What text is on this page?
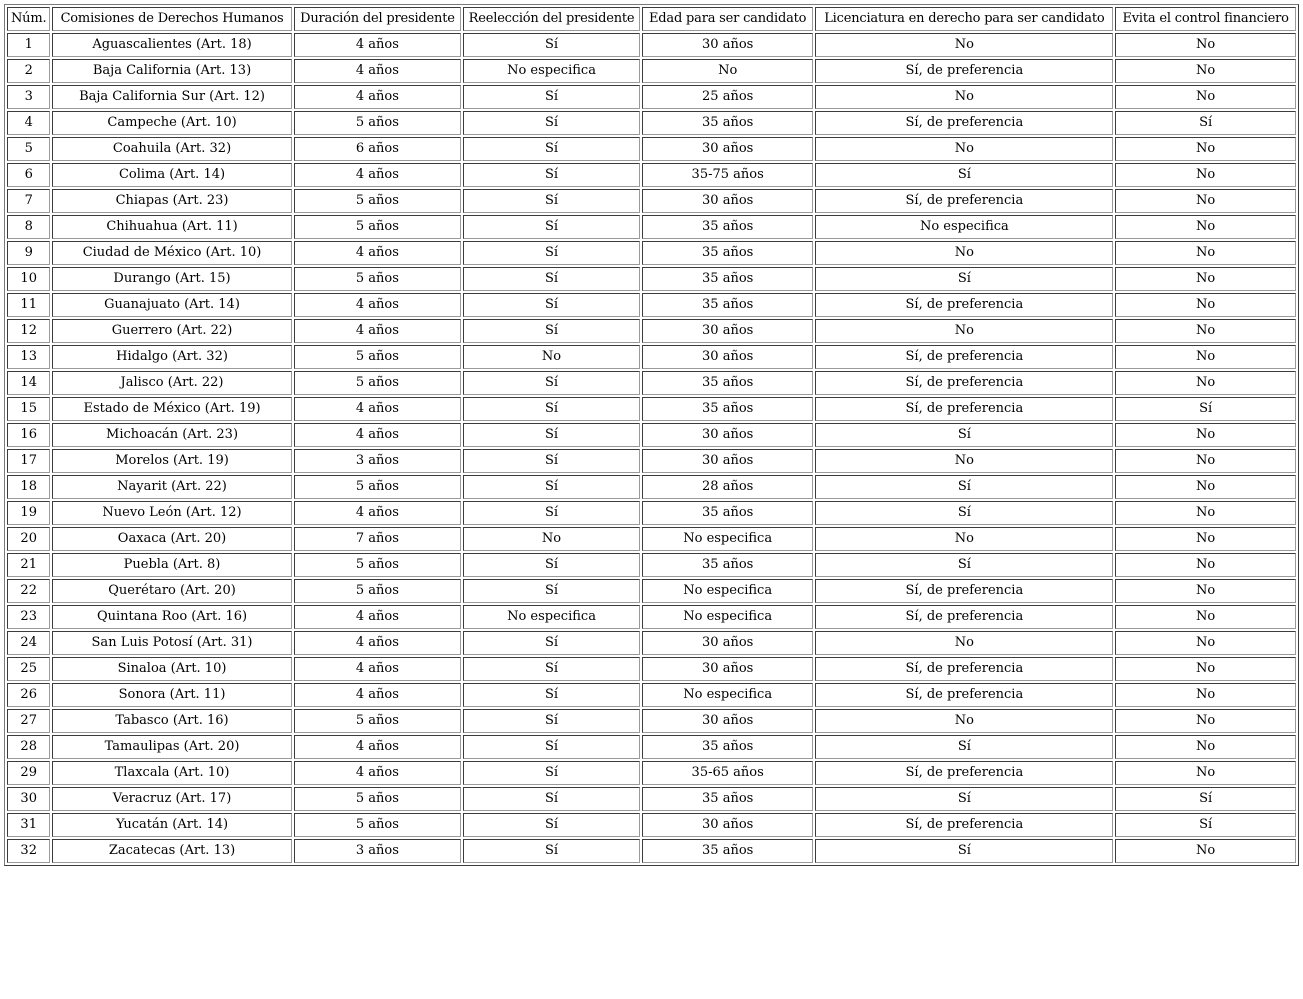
Núm.	Comisiones de Derechos Humanos	Duración del presidente	Reelección del presidente	Edad para ser candidato	Licenciatura en derecho para ser candidato	Evita el control financiero
1	Aguascalientes (Art. 18)	4 años	Sí	30 años	No	No
2	Baja California (Art. 13)	4 años	No especifica	No	Sí, de preferencia	No
3	Baja California Sur (Art. 12)	4 años	Sí	25 años	No	No
4	Campeche (Art. 10)	5 años	Sí	35 años	Sí, de preferencia	Sí
5	Coahuila (Art. 32)	6 años	Sí	30 años	No	No
6	Colima (Art. 14)	4 años	Sí	35-75 años	Sí	No
7	Chiapas (Art. 23)	5 años	Sí	30 años	Sí, de preferencia	No
8	Chihuahua (Art. 11)	5 años	Sí	35 años	No especifica	No
9	Ciudad de México (Art. 10)	4 años	Sí	35 años	No	No
10	Durango (Art. 15)	5 años	Sí	35 años	Sí	No
11	Guanajuato (Art. 14)	4 años	Sí	35 años	Sí, de preferencia	No
12	Guerrero (Art. 22)	4 años	Sí	30 años	No	No
13	Hidalgo (Art. 32)	5 años	No	30 años	Sí, de preferencia	No
14	Jalisco (Art. 22)	5 años	Sí	35 años	Sí, de preferencia	No
15	Estado de México (Art. 19)	4 años	Sí	35 años	Sí, de preferencia	Sí
16	Michoacán (Art. 23)	4 años	Sí	30 años	Sí	No
17	Morelos (Art. 19)	3 años	Sí	30 años	No	No
18	Nayarit (Art. 22)	5 años	Sí	28 años	Sí	No
19	Nuevo León (Art. 12)	4 años	Sí	35 años	Sí	No
20	Oaxaca (Art. 20)	7 años	No	No especifica	No	No
21	Puebla (Art. 8)	5 años	Sí	35 años	Sí	No
22	Querétaro (Art. 20)	5 años	Sí	No especifica	Sí, de preferencia	No
23	Quintana Roo (Art. 16)	4 años	No especifica	No especifica	Sí, de preferencia	No
24	San Luis Potosí (Art. 31)	4 años	Sí	30 años	No	No
25	Sinaloa (Art. 10)	4 años	Sí	30 años	Sí, de preferencia	No
26	Sonora (Art. 11)	4 años	Sí	No especifica	Sí, de preferencia	No
27	Tabasco (Art. 16)	5 años	Sí	30 años	No	No
28	Tamaulipas (Art. 20)	4 años	Sí	35 años	Sí	No
29	Tlaxcala (Art. 10)	4 años	Sí	35-65 años	Sí, de preferencia	No
30	Veracruz (Art. 17)	5 años	Sí	35 años	Sí	Sí
31	Yucatán (Art. 14)	5 años	Sí	30 años	Sí, de preferencia	Sí
32	Zacatecas (Art. 13)	3 años	Sí	35 años	Sí	No
